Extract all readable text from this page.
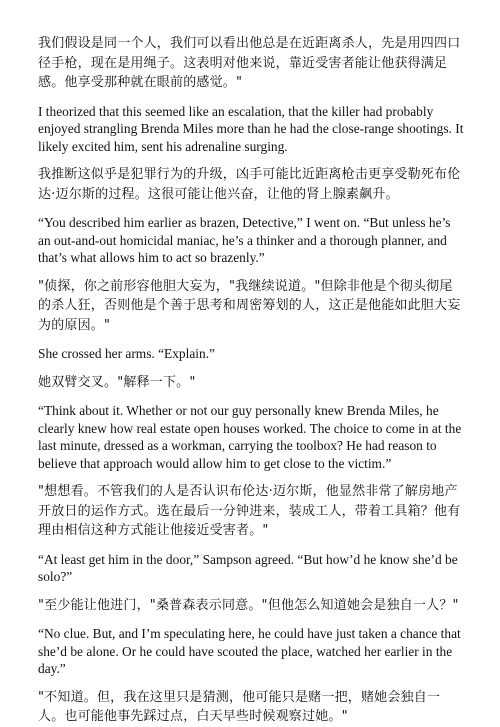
我们假设是同一个人，我们可以看出他总是在近距离杀人，先是用四四口径手枪，现在是用绳子。这表明对他来说，靠近受害者能让他获得满足感。他享受那种就在眼前的感觉。"

I theorized that this seemed like an escalation, that the killer had probably enjoyed strangling Brenda Miles more than he had the close-range shootings. It likely excited him, sent his adrenaline surging.

我推断这似乎是犯罪行为的升级，凶手可能比近距离枪击更享受勒死布伦达·迈尔斯的过程。这很可能让他兴奋，让他的肾上腺素飙升。

“You described him earlier as brazen, Detective,” I went on. “But unless he’s an out-and-out homicidal maniac, he’s a thinker and a thorough planner, and that’s what allows him to act so brazenly.”

"侦探，你之前形容他胆大妄为，"我继续说道。"但除非他是个彻头彻尾的杀人狂，否则他是个善于思考和周密筹划的人，这正是他能如此胆大妄为的原因。"

She crossed her arms. “Explain.”

她双臂交叉。"解释一下。"

“Think about it. Whether or not our guy personally knew Brenda Miles, he clearly knew how real estate open houses worked. The choice to come in at the last minute, dressed as a workman, carrying the toolbox? He had reason to believe that approach would allow him to get close to the victim.”

"想想看。不管我们的人是否认识布伦达·迈尔斯，他显然非常了解房地产开放日的运作方式。选在最后一分钟进来，装成工人，带着工具箱？他有理由相信这种方式能让他接近受害者。"

“At least get him in the door,” Sampson agreed. “But how’d he know she’d be solo?”

"至少能让他进门，"桑普森表示同意。"但他怎么知道她会是独自一人？"

“No clue. But, and I’m speculating here, he could have just taken a chance that she’d be alone. Or he could have scouted the place, watched her earlier in the day.”

"不知道。但，我在这里只是猜测，他可能只是赌一把，赌她会独自一人。也可能他事先踩过点，白天早些时候观察过她。"
